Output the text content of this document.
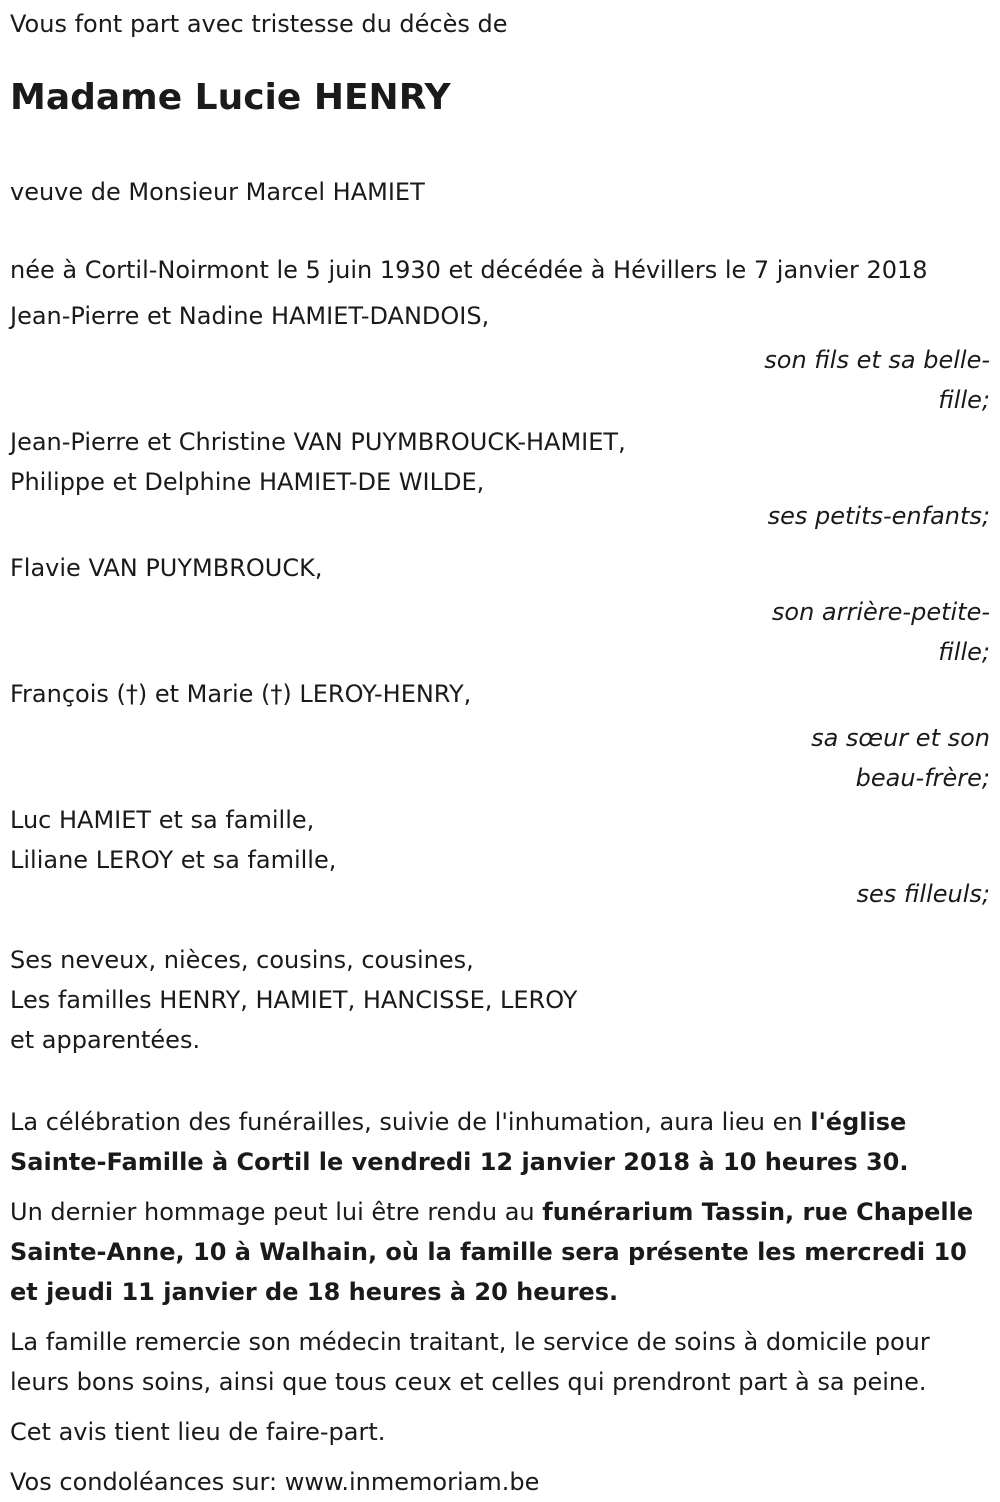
Vous font part avec tristesse du décès de

Madame Lucie HENRY

veuve de Monsieur Marcel HAMIET

née à Cortil-Noirmont le 5 juin 1930 et décédée à Hévillers le 7 janvier 2018

Jean-Pierre et Nadine HAMIET-DANDOIS,

son fils et sa belle-fille;

Jean-Pierre et Christine VAN PUYMBROUCK-HAMIET,

Philippe et Delphine HAMIET-DE WILDE,

ses petits-enfants;

Flavie VAN PUYMBROUCK,

son arrière-petite-fille;

François (†) et Marie (†) LEROY-HENRY,

sa sœur et son beau-frère;

Luc HAMIET et sa famille,

Liliane LEROY et sa famille,

ses filleuls;

Ses neveux, nièces, cousins, cousines,

Les familles HENRY, HAMIET, HANCISSE, LEROY

et apparentées.

La célébration des funérailles, suivie de l'inhumation, aura lieu en l'église Sainte-Famille à Cortil le vendredi 12 janvier 2018 à 10 heures 30.

Un dernier hommage peut lui être rendu au funérarium Tassin, rue Chapelle Sainte-Anne, 10 à Walhain, où la famille sera présente les mercredi 10 et jeudi 11 janvier de 18 heures à 20 heures.

La famille remercie son médecin traitant, le service de soins à domicile pour leurs bons soins, ainsi que tous ceux et celles qui prendront part à sa peine.

Cet avis tient lieu de faire-part.

Vos condoléances sur: www.inmemoriam.be
